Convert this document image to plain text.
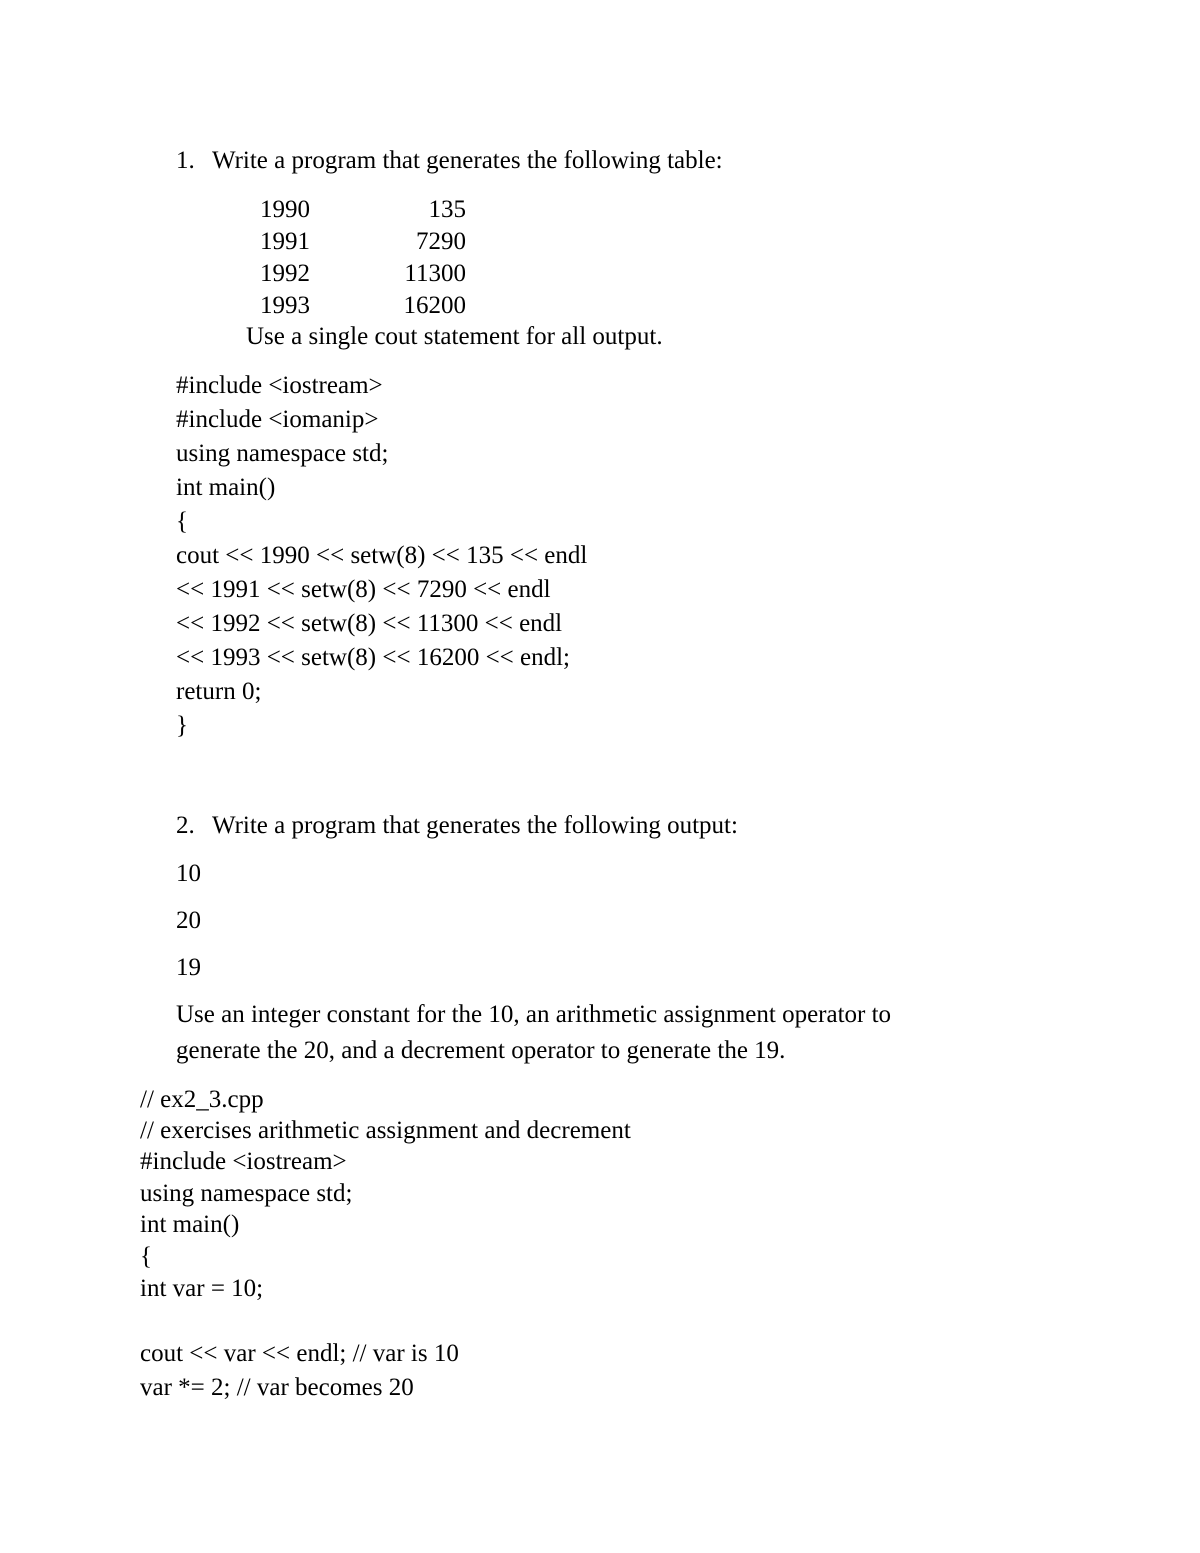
1. Write a program that generates the following table:
1990	135
1991	7290
1992	11300
1993	16200
Use a single cout statement for all output.
#include <iostream>
#include <iomanip>
using namespace std;
int main()
{
cout << 1990 << setw(8) << 135 << endl
<< 1991 << setw(8) << 7290 << endl
<< 1992 << setw(8) << 11300 << endl
<< 1993 << setw(8) << 16200 << endl;
return 0;
}
2. Write a program that generates the following output:
10
20
19
Use an integer constant for the 10, an arithmetic assignment operator to
generate the 20, and a decrement operator to generate the 19.
// ex2_3.cpp
// exercises arithmetic assignment and decrement
#include <iostream>
using namespace std;
int main()
{
int var = 10;
cout << var << endl; // var is 10
var *= 2; // var becomes 20
